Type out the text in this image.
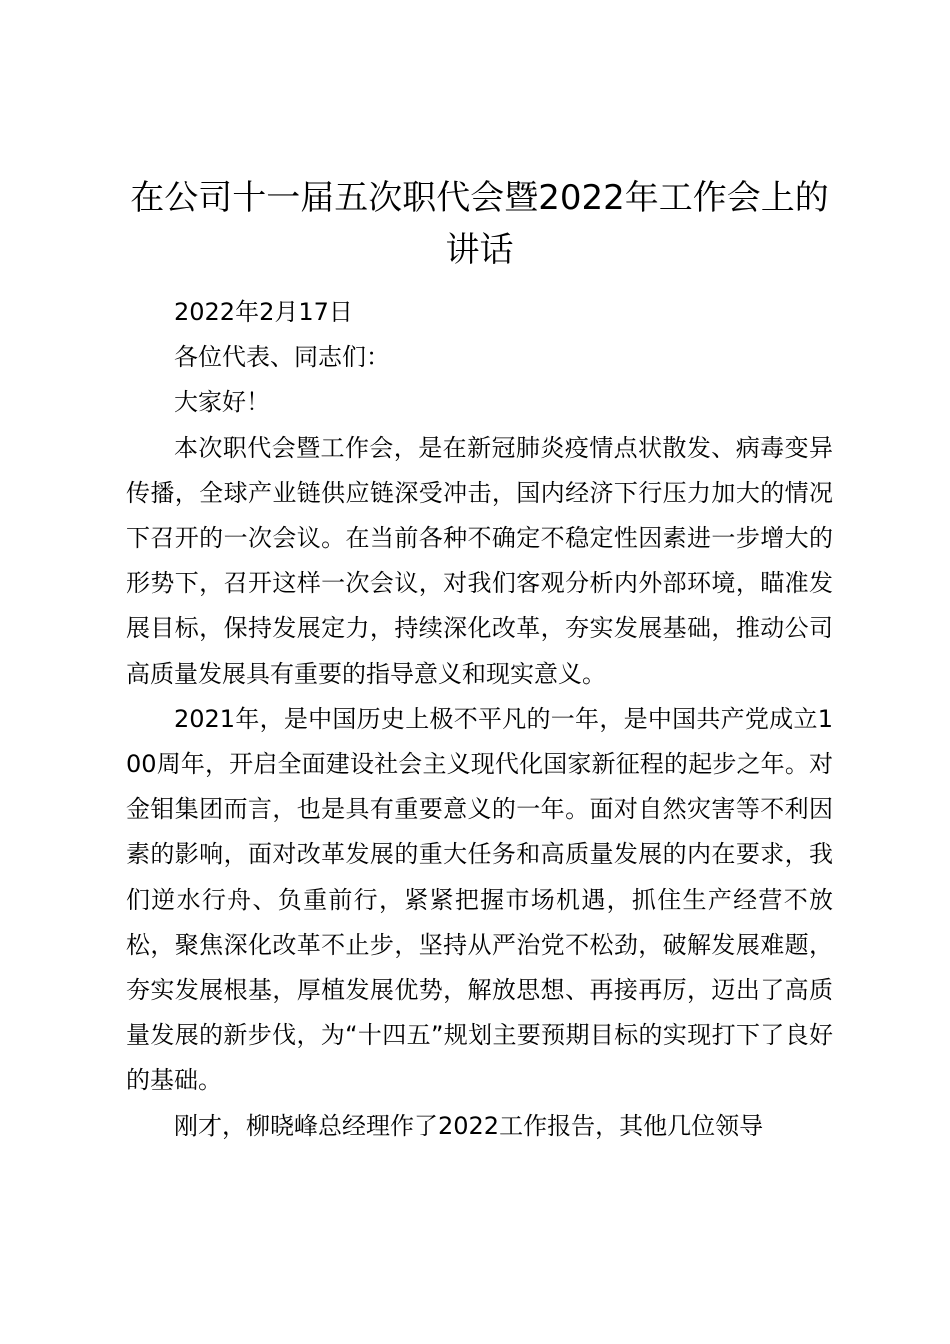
在公司十一届五次职代会暨2022年工作会上的讲话

2022年2月17日

各位代表、同志们：

大家好！

本次职代会暨工作会，是在新冠肺炎疫情点状散发、病毒变异传播，全球产业链供应链深受冲击，国内经济下行压力加大的情况下召开的一次会议。在当前各种不确定不稳定性因素进一步增大的形势下，召开这样一次会议，对我们客观分析内外部环境，瞄准发展目标，保持发展定力，持续深化改革，夯实发展基础，推动公司高质量发展具有重要的指导意义和现实意义。

2021年，是中国历史上极不平凡的一年，是中国共产党成立100周年，开启全面建设社会主义现代化国家新征程的起步之年。对金钼集团而言，也是具有重要意义的一年。面对自然灾害等不利因素的影响，面对改革发展的重大任务和高质量发展的内在要求，我们逆水行舟、负重前行，紧紧把握市场机遇，抓住生产经营不放松，聚焦深化改革不止步，坚持从严治党不松劲，破解发展难题，夯实发展根基，厚植发展优势，解放思想、再接再厉，迈出了高质量发展的新步伐，为“十四五”规划主要预期目标的实现打下了良好的基础。

刚才，柳晓峰总经理作了2022工作报告，其他几位领导
